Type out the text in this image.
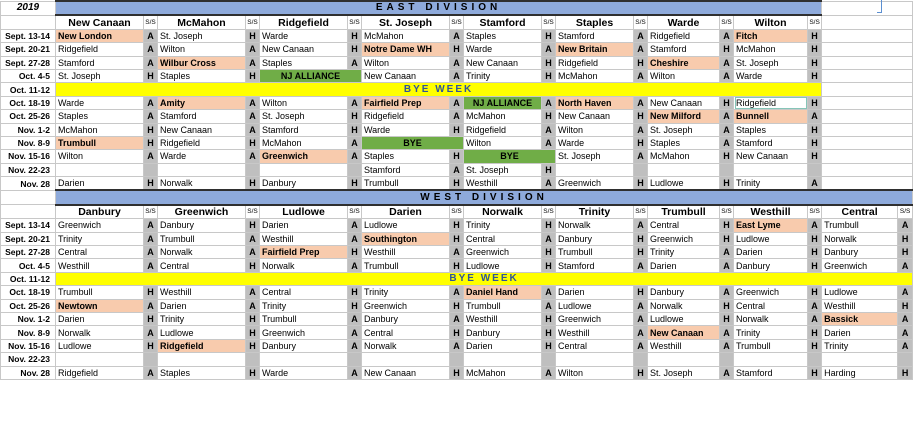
2019	EAST DIVISION																	
	New Canaan	S/S	McMahon	S/S	Ridgefield	S/S	St. Joseph	S/S	Stamford	S/S	Staples	S/S	Warde	S/S	Wilton	S/S		
Sept. 13-14	New London	A	St. Joseph	H	Warde	H	McMahon	A	Staples	H	Stamford	A	Ridgefield	A	Fitch	H		
Sept. 20-21	Ridgefield	A	Wilton	A	New Canaan	H	Notre Dame WH	H	Warde	A	New Britain	A	Stamford	H	McMahon	H		
Sept. 27-28	Stamford	A	Wilbur Cross	A	Staples	A	Wilton	A	New Canaan	H	Ridgefield	H	Cheshire	A	St. Joseph	H		
Oct. 4-5	St. Joseph	H	Staples	H	NJ ALLIANCE		New Canaan	A	Trinity	H	McMahon	A	Wilton	A	Warde	H		
Oct. 11-12	BYE WEEK																	
Oct. 18-19	Warde	A	Amity	A	Wilton	A	Fairfield Prep	A	NJ ALLIANCE	A	North Haven	A	New Canaan	H	Ridgefield	H		
Oct. 25-26	Staples	A	Stamford	A	St. Joseph	H	Ridgefield	A	McMahon	H	New Canaan	H	New Milford	A	Bunnell	A		
Nov. 1-2	McMahon	H	New Canaan	A	Stamford	H	Warde	H	Ridgefield	A	Wilton	A	St. Joseph	A	Staples	H		
Nov. 8-9	Trumbull	H	Ridgefield	H	McMahon	A	BYE		Wilton	A	Warde	H	Staples	A	Stamford	H		
Nov. 15-16	Wilton	A	Warde	A	Greenwich	A	Staples	H	BYE		St. Joseph	A	McMahon	H	New Canaan	H		
Nov. 22-23							Stamford	A	St. Joseph	H								
Nov. 28	Darien	H	Norwalk	H	Danbury	H	Trumbull	H	Westhill	A	Greenwich	H	Ludlowe	H	Trinity	A		
	WEST DIVISION																	
	Danbury	S/S	Greenwich	S/S	Ludlowe	S/S	Darien	S/S	Norwalk	S/S	Trinity	S/S	Trumbull	S/S	Westhill	S/S	Central	S/S
Sept. 13-14	Greenwich	A	Danbury	H	Darien	A	Ludlowe	H	Trinity	H	Norwalk	A	Central	H	East Lyme	A	Trumbull	A
Sept. 20-21	Trinity	A	Trumbull	A	Westhill	A	Southington	H	Central	A	Danbury	H	Greenwich	H	Ludlowe	H	Norwalk	H
Sept. 27-28	Central	A	Norwalk	A	Fairfield Prep	H	Westhill	A	Greenwich	H	Trumbull	H	Trinity	A	Darien	H	Danbury	H
Oct. 4-5	Westhill	A	Central	H	Norwalk	A	Trumbull	H	Ludlowe	H	Stamford	A	Darien	A	Danbury	H	Greenwich	A
Oct. 11-12	BYE WEEK																	
Oct. 18-19	Trumbull	H	Westhill	A	Central	H	Trinity	A	Daniel Hand	A	Darien	H	Danbury	A	Greenwich	H	Ludlowe	A
Oct. 25-26	Newtown	A	Darien	A	Trinity	H	Greenwich	H	Trumbull	A	Ludlowe	A	Norwalk	H	Central	A	Westhill	H
Nov. 1-2	Darien	H	Trinity	H	Trumbull	A	Danbury	A	Westhill	H	Greenwich	A	Ludlowe	H	Norwalk	A	Bassick	A
Nov. 8-9	Norwalk	A	Ludlowe	H	Greenwich	A	Central	H	Danbury	H	Westhill	A	New Canaan	A	Trinity	H	Darien	A
Nov. 15-16	Ludlowe	H	Ridgefield	H	Danbury	A	Norwalk	A	Darien	H	Central	A	Westhill	A	Trumbull	H	Trinity	A
Nov. 22-23																		
Nov. 28	Ridgefield	A	Staples	H	Warde	A	New Canaan	H	McMahon	A	Wilton	H	St. Joseph	A	Stamford	H	Harding	H
